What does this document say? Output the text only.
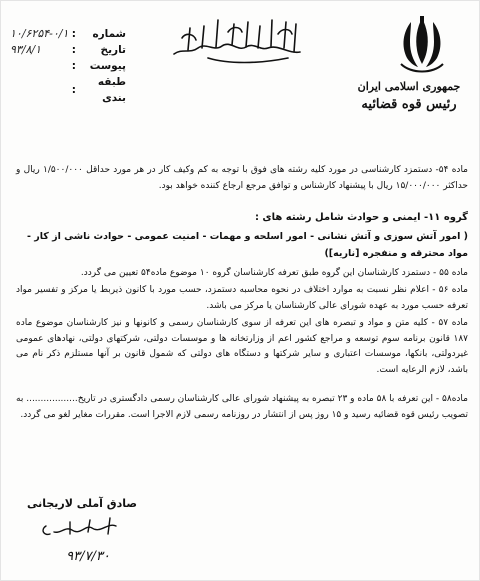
شماره
:
۱۰/۶۲۵۴-۰/۱
تاریخ
:
۹۳/۸/۱
پیوست
:
طبقه بندی
:	جمهوری اسلامی ایران
رئیس قوه قضائیه
ماده ۵۴- دستمزد کارشناسی در مورد کلیه رشته های فوق با توجه به کم وکیف کار در هر مورد حداقل ۱/۵۰۰/۰۰۰ ریال و حداکثر ۱۵/۰۰۰/۰۰۰ ریال با پیشنهاد کارشناس و توافق مرجع ارجاع کننده خواهد بود.
گروه ۱۱- ایمنی و حوادث شامل رشته های :
( امور آتش سوزی و آتش نشانی - امور اسلحه و مهمات - امنیت عمومی - حوادث ناشی از کار - مواد محترقه و منفجره [ناریه])
ماده ۵۵ - دستمزد کارشناسان این گروه طبق تعرفه کارشناسان گروه ۱۰ موضوع ماده۵۴ تعیین می گردد.
ماده ۵۶ - اعلام نظر نسبت به موارد اختلاف در نحوه محاسبه دستمزد، حسب مورد با کانون ذیربط یا مرکز و تفسیر مواد تعرفه حسب مورد به عهده شورای عالی کارشناسان یا مرکز می باشد.
ماده ۵۷ - کلیه متن و مواد و تبصره های این تعرفه از سوی کارشناسان رسمی و کانونها و نیز کارشناسان موضوع ماده ۱۸۷ قانون برنامه سوم توسعه و مراجع کشور اعم از وزارتخانه ها و موسسات دولتی، شرکتهای دولتی، نهادهای عمومی غیردولتی، بانکها، موسسات اعتباری و سایر شرکتها و دستگاه های دولتی که شمول قانون بر آنها مستلزم ذکر نام می باشد، لازم الرعایه است.
ماده۵۸ - این تعرفه با ۵۸ ماده و ۲۳ تبصره به پیشنهاد شورای عالی کارشناسان رسمی دادگستری در تاریخ.................. به تصویب رئیس قوه قضائیه رسید و ۱۵ روز پس از انتشار در روزنامه رسمی لازم الاجرا است. مقررات مغایر لغو می گردد.
صادق آملی لاریجانی
۹۳/۷/۳۰
